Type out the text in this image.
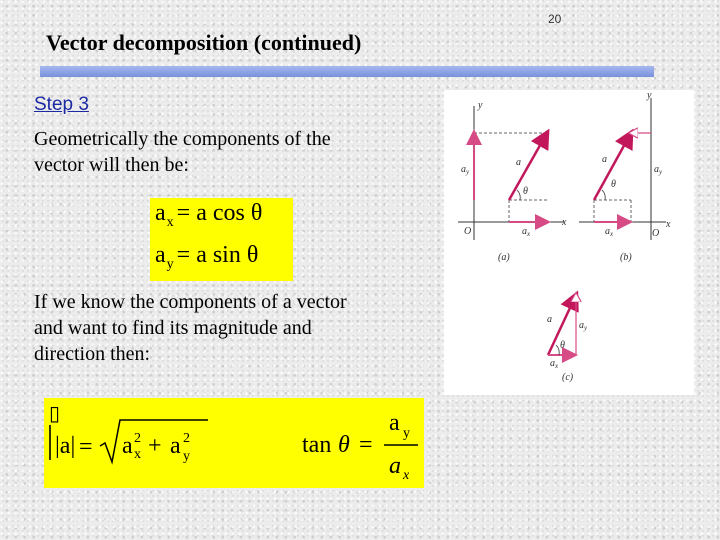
20
Vector decomposition (continued)
Step 3

Geometrically the components of the
vector will then be:

$a_x = a$ cos θ
$a_y = a$ sin θ

If we know the components of a vector
and want to find its magnitude and
direction then:

▯
|a| = a 2
x + a 2
y	tan θ =
a y
a x
y
x
O
a⃗
θ
$a_y$
$a_x$
(a)
y
x
O
a⃗
θ
$a_y$
$a_x$
(b)
a⃗
θ
$a_y$
$a_x$
(c)
